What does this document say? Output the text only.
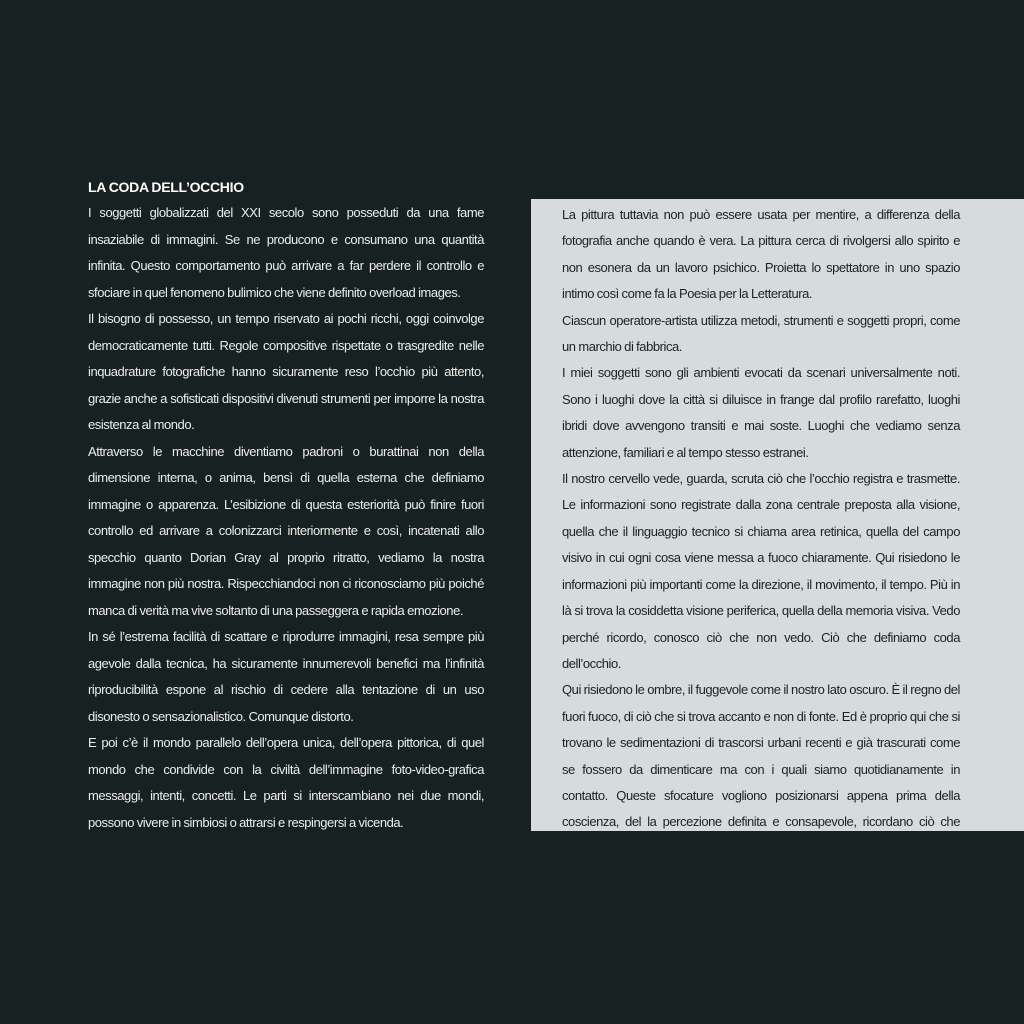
LA CODA DELL’OCCHIO

I soggetti globalizzati del XXI secolo sono posseduti da una fame insaziabile di immagini. Se ne producono e consumano una quantità infinita. Questo comportamento può arrivare a far perdere il controllo e sfociare in quel fenomeno bulimico che viene definito overload images.

Il bisogno di possesso, un tempo riservato ai pochi ricchi, oggi coinvolge democraticamente tutti. Regole compositive rispettate o trasgredite nelle inquadrature fotografiche hanno sicuramente reso l’occhio più attento, grazie anche a sofisticati dispositivi divenuti strumenti per imporre la nostra esistenza al mondo.

Attraverso le macchine diventiamo padroni o burattinai non della dimensione interna, o anima, bensì di quella esterna che definiamo immagine o apparenza. L’esibizione di questa esteriorità può finire fuori controllo ed arrivare a colonizzarci interiormente e così, incatenati allo specchio quanto Dorian Gray al proprio ritratto, vediamo la nostra immagine non più nostra. Rispecchiandoci non ci riconosciamo più poiché manca di verità ma vive soltanto di una passeggera e rapida emozione.

In sé l’estrema facilità di scattare e riprodurre immagini, resa sempre più agevole dalla tecnica, ha sicuramente innumerevoli benefici ma l’infinità riproducibilità espone al rischio di cedere alla tentazione di un uso disonesto o sensazionalistico. Comunque distorto.

E poi c’è il mondo parallelo dell’opera unica, dell’opera pittorica, di quel mondo che condivide con la civiltà dell’immagine foto-video-grafica messaggi, intenti, concetti. Le parti si interscambiano nei due mondi, possono vivere in simbiosi o attrarsi e respingersi a vicenda.

La pittura tuttavia non può essere usata per mentire, a differenza della fotografia anche quando è vera. La pittura cerca di rivolgersi allo spirito e non esonera da un lavoro psichico. Proietta lo spettatore in uno spazio intimo così come fa la Poesia per la Letteratura.

Ciascun operatore-artista utilizza metodi, strumenti e soggetti propri, come un marchio di fabbrica.

I miei soggetti sono gli ambienti evocati da scenari universalmente noti. Sono i luoghi dove la città si diluisce in frange dal profilo rarefatto, luoghi ibridi dove avvengono transiti e mai soste. Luoghi che vediamo senza attenzione, familiari e al tempo stesso estranei.

Il nostro cervello vede, guarda, scruta ciò che l’occhio registra e trasmette. Le informazioni sono registrate dalla zona centrale preposta alla visione, quella che il linguaggio tecnico si chiama area retinica, quella del campo visivo in cui ogni cosa viene messa a fuoco chiaramente. Qui risiedono le informazioni più importanti come la direzione, il movimento, il tempo. Più in là si trova la cosiddetta visione periferica, quella della memoria visiva. Vedo perché ricordo, conosco ciò che non vedo. Ciò che definiamo coda dell’occhio.

Qui risiedono le ombre, il fuggevole come il nostro lato oscuro. È il regno del fuori fuoco, di ciò che si trova accanto e non di fonte. Ed è proprio qui che si trovano le sedimentazioni di trascorsi urbani recenti e già trascurati come se fossero da dimenticare ma con i quali siamo quotidianamente in contatto. Queste sfocature vogliono posizionarsi appena prima della coscienza, del la percezione definita e consapevole, ricordano ciò che vediamo con gli occhi socchiusi.
